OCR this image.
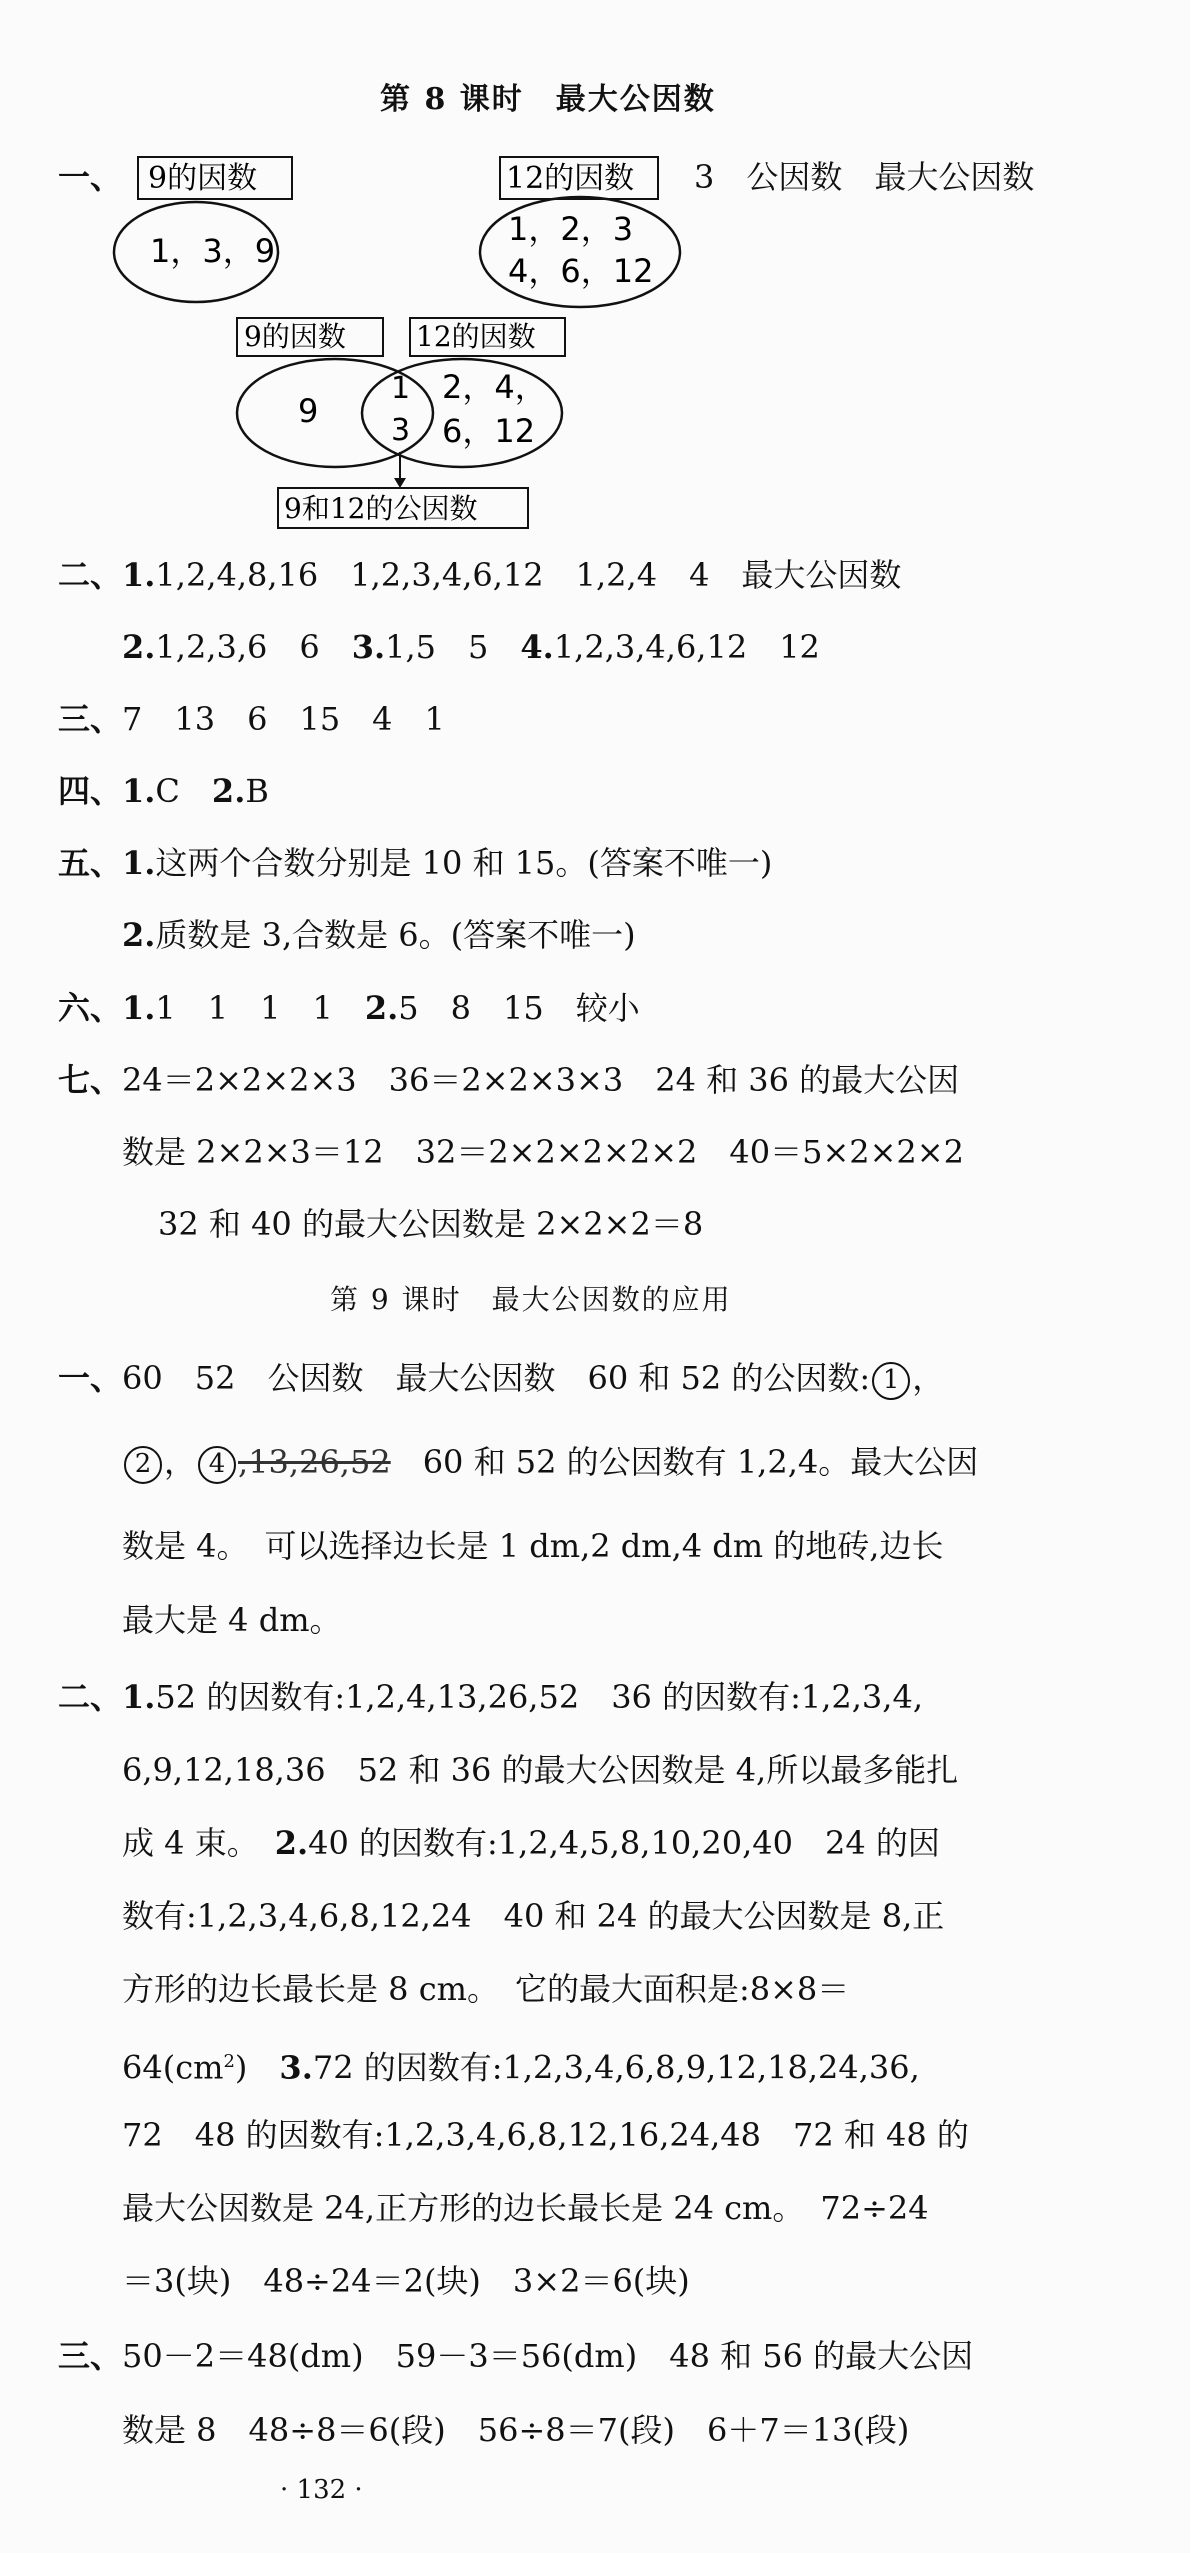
第 8 课时　最大公因数
一、 9的因数
1，3，9
12的因数
1，2，3
4，6，12
9的因数	12的因数
9
1
3
2，4，
6，12
9和12的公因数
3　公因数　最大公因数
二、1.1,2,4,8,16　1,2,3,4,6,12　1,2,4　4　最大公因数
2.1,2,3,6　6　3.1,5　5　4.1,2,3,4,6,12　12
三、7　13　6　15　4　1
四、1.C　2.B
五、1.这两个合数分别是 10 和 15。(答案不唯一)
2.质数是 3,合数是 6。(答案不唯一)
六、1.1　1　1　1　2.5　8　15　较小
七、24＝2×2×2×3　36＝2×2×3×3　24 和 36 的最大公因
数是 2×2×3＝12　32＝2×2×2×2×2　40＝5×2×2×2
32 和 40 的最大公因数是 2×2×2＝8
第 9 课时　最大公因数的应用
一、60　52　公因数　最大公因数　60 和 52 的公因数: 1 ，
2 ， 4 ,13,26,52　60 和 52 的公因数有 1,2,4。最大公因
数是 4。　可以选择边长是 1 dm,2 dm,4 dm 的地砖,边长
最大是 4 dm。
二、1.52 的因数有:1,2,4,13,26,52　36 的因数有:1,2,3,4,
6,9,12,18,36　52 和 36 的最大公因数是 4,所以最多能扎
成 4 束。　2.40 的因数有:1,2,4,5,8,10,20,40　24 的因
数有:1,2,3,4,6,8,12,24　40 和 24 的最大公因数是 8,正
方形的边长最长是 8 cm。　它的最大面积是:8×8＝
$64(cm^2)$　3.72 的因数有:1,2,3,4,6,8,9,12,18,24,36,
72　48 的因数有:1,2,3,4,6,8,12,16,24,48　72 和 48 的
最大公因数是 24,正方形的边长最长是 24 cm。　72÷24
＝3(块)　48÷24＝2(块)　3×2＝6(块)
三、50－2＝48(dm)　59－3＝56(dm)　48 和 56 的最大公因
数是 8　48÷8＝6(段)　56÷8＝7(段)　6＋7＝13(段)
· 132 ·
